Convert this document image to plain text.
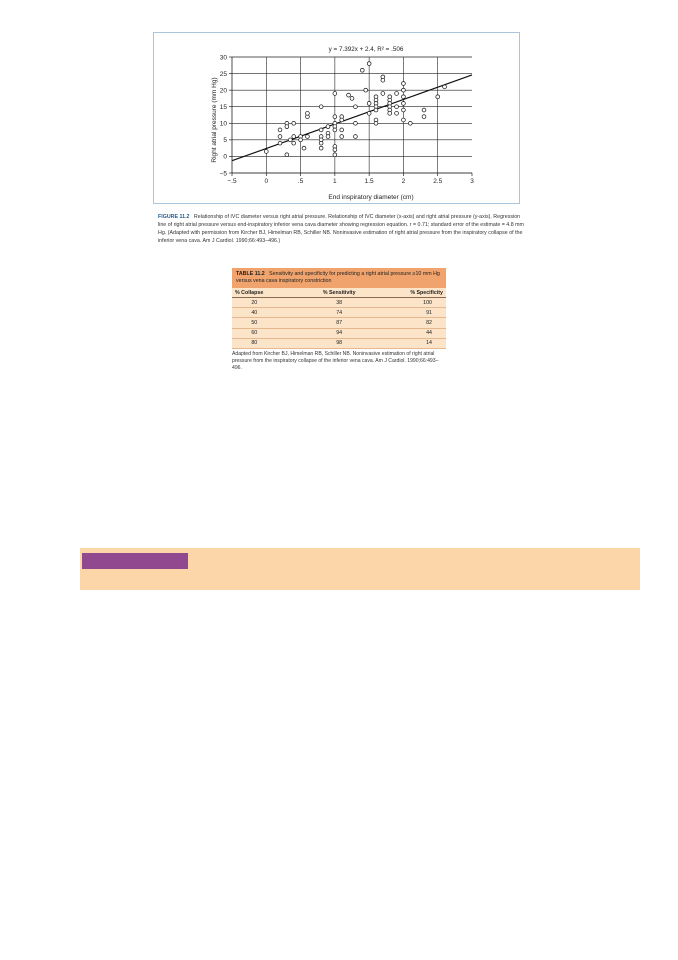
y = 7.392x + 2.4, R² = .506
−.5	0	.5	1	1.5	2	2.5	3
−5
0
5
10
15
20
25
30
End inspiratory diameter (cm)
Right atrial pressure (mm Hg)
FIGURE 11.2 Relationship of IVC diameter versus right atrial pressure. Relationship of IVC diameter (x-axis) and right atrial pressure (y-axis). Regression line of right atrial pressure versus end-inspiratory inferior vena cava diameter showing regression equation. r = 0.71; standard error of the estimate = 4.8 mm Hg. (Adapted with permission from Kircher BJ, Himelman RB, Schiller NB. Noninvasive estimation of right atrial pressure from the inspiratory collapse of the inferior vena cava. Am J Cardiol. 1990;66:493–496.)
TABLE 11.2 Sensitivity and specificity for predicting a right atrial pressure ≥10 mm Hg versus vena cava inspiratory constriction
% Collapse	% Sensitivity	% Specificity
20	38	100
40	74	91
50	87	82
60	94	44
80	98	14
Adapted from Kircher BJ, Himelman RB, Schiller NB. Noninvasive estimation of right atrial pressure from the inspiratory collapse of the inferior vena cava. Am J Cardiol. 1990;66:493–496.
